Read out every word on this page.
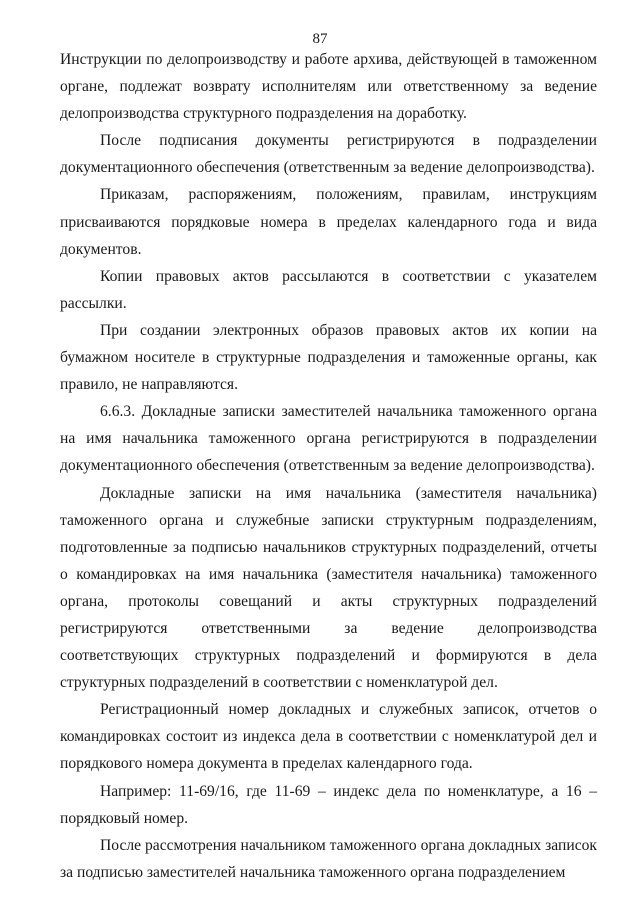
87

Инструкции по делопроизводству и работе архива, действующей в таможенном органе, подлежат возврату исполнителям или ответственному за ведение делопроизводства структурного подразделения на доработку.

После подписания документы регистрируются в подразделении документационного обеспечения (ответственным за ведение делопроизводства).

Приказам, распоряжениям, положениям, правилам, инструкциям присваиваются порядковые номера в пределах календарного года и вида документов.

Копии правовых актов рассылаются в соответствии с указателем рассылки.

При создании электронных образов правовых актов их копии на бумажном носителе в структурные подразделения и таможенные органы, как правило, не направляются.

6.6.3. Докладные записки заместителей начальника таможенного органа на имя начальника таможенного органа регистрируются в подразделении документационного обеспечения (ответственным за ведение делопроизводства).

Докладные записки на имя начальника (заместителя начальника) таможенного органа и служебные записки структурным подразделениям, подготовленные за подписью начальников структурных подразделений, отчеты о командировках на имя начальника (заместителя начальника) таможенного органа, протоколы совещаний и акты структурных подразделений регистрируются ответственными за ведение делопроизводства соответствующих структурных подразделений и формируются в дела структурных подразделений в соответствии с номенклатурой дел.

Регистрационный номер докладных и служебных записок, отчетов о командировках состоит из индекса дела в соответствии с номенклатурой дел и порядкового номера документа в пределах календарного года.

Например: 11-69/16, где 11-69 – индекс дела по номенклатуре, а 16 – порядковый номер.

После рассмотрения начальником таможенного органа докладных записок за подписью заместителей начальника таможенного органа подразделением
